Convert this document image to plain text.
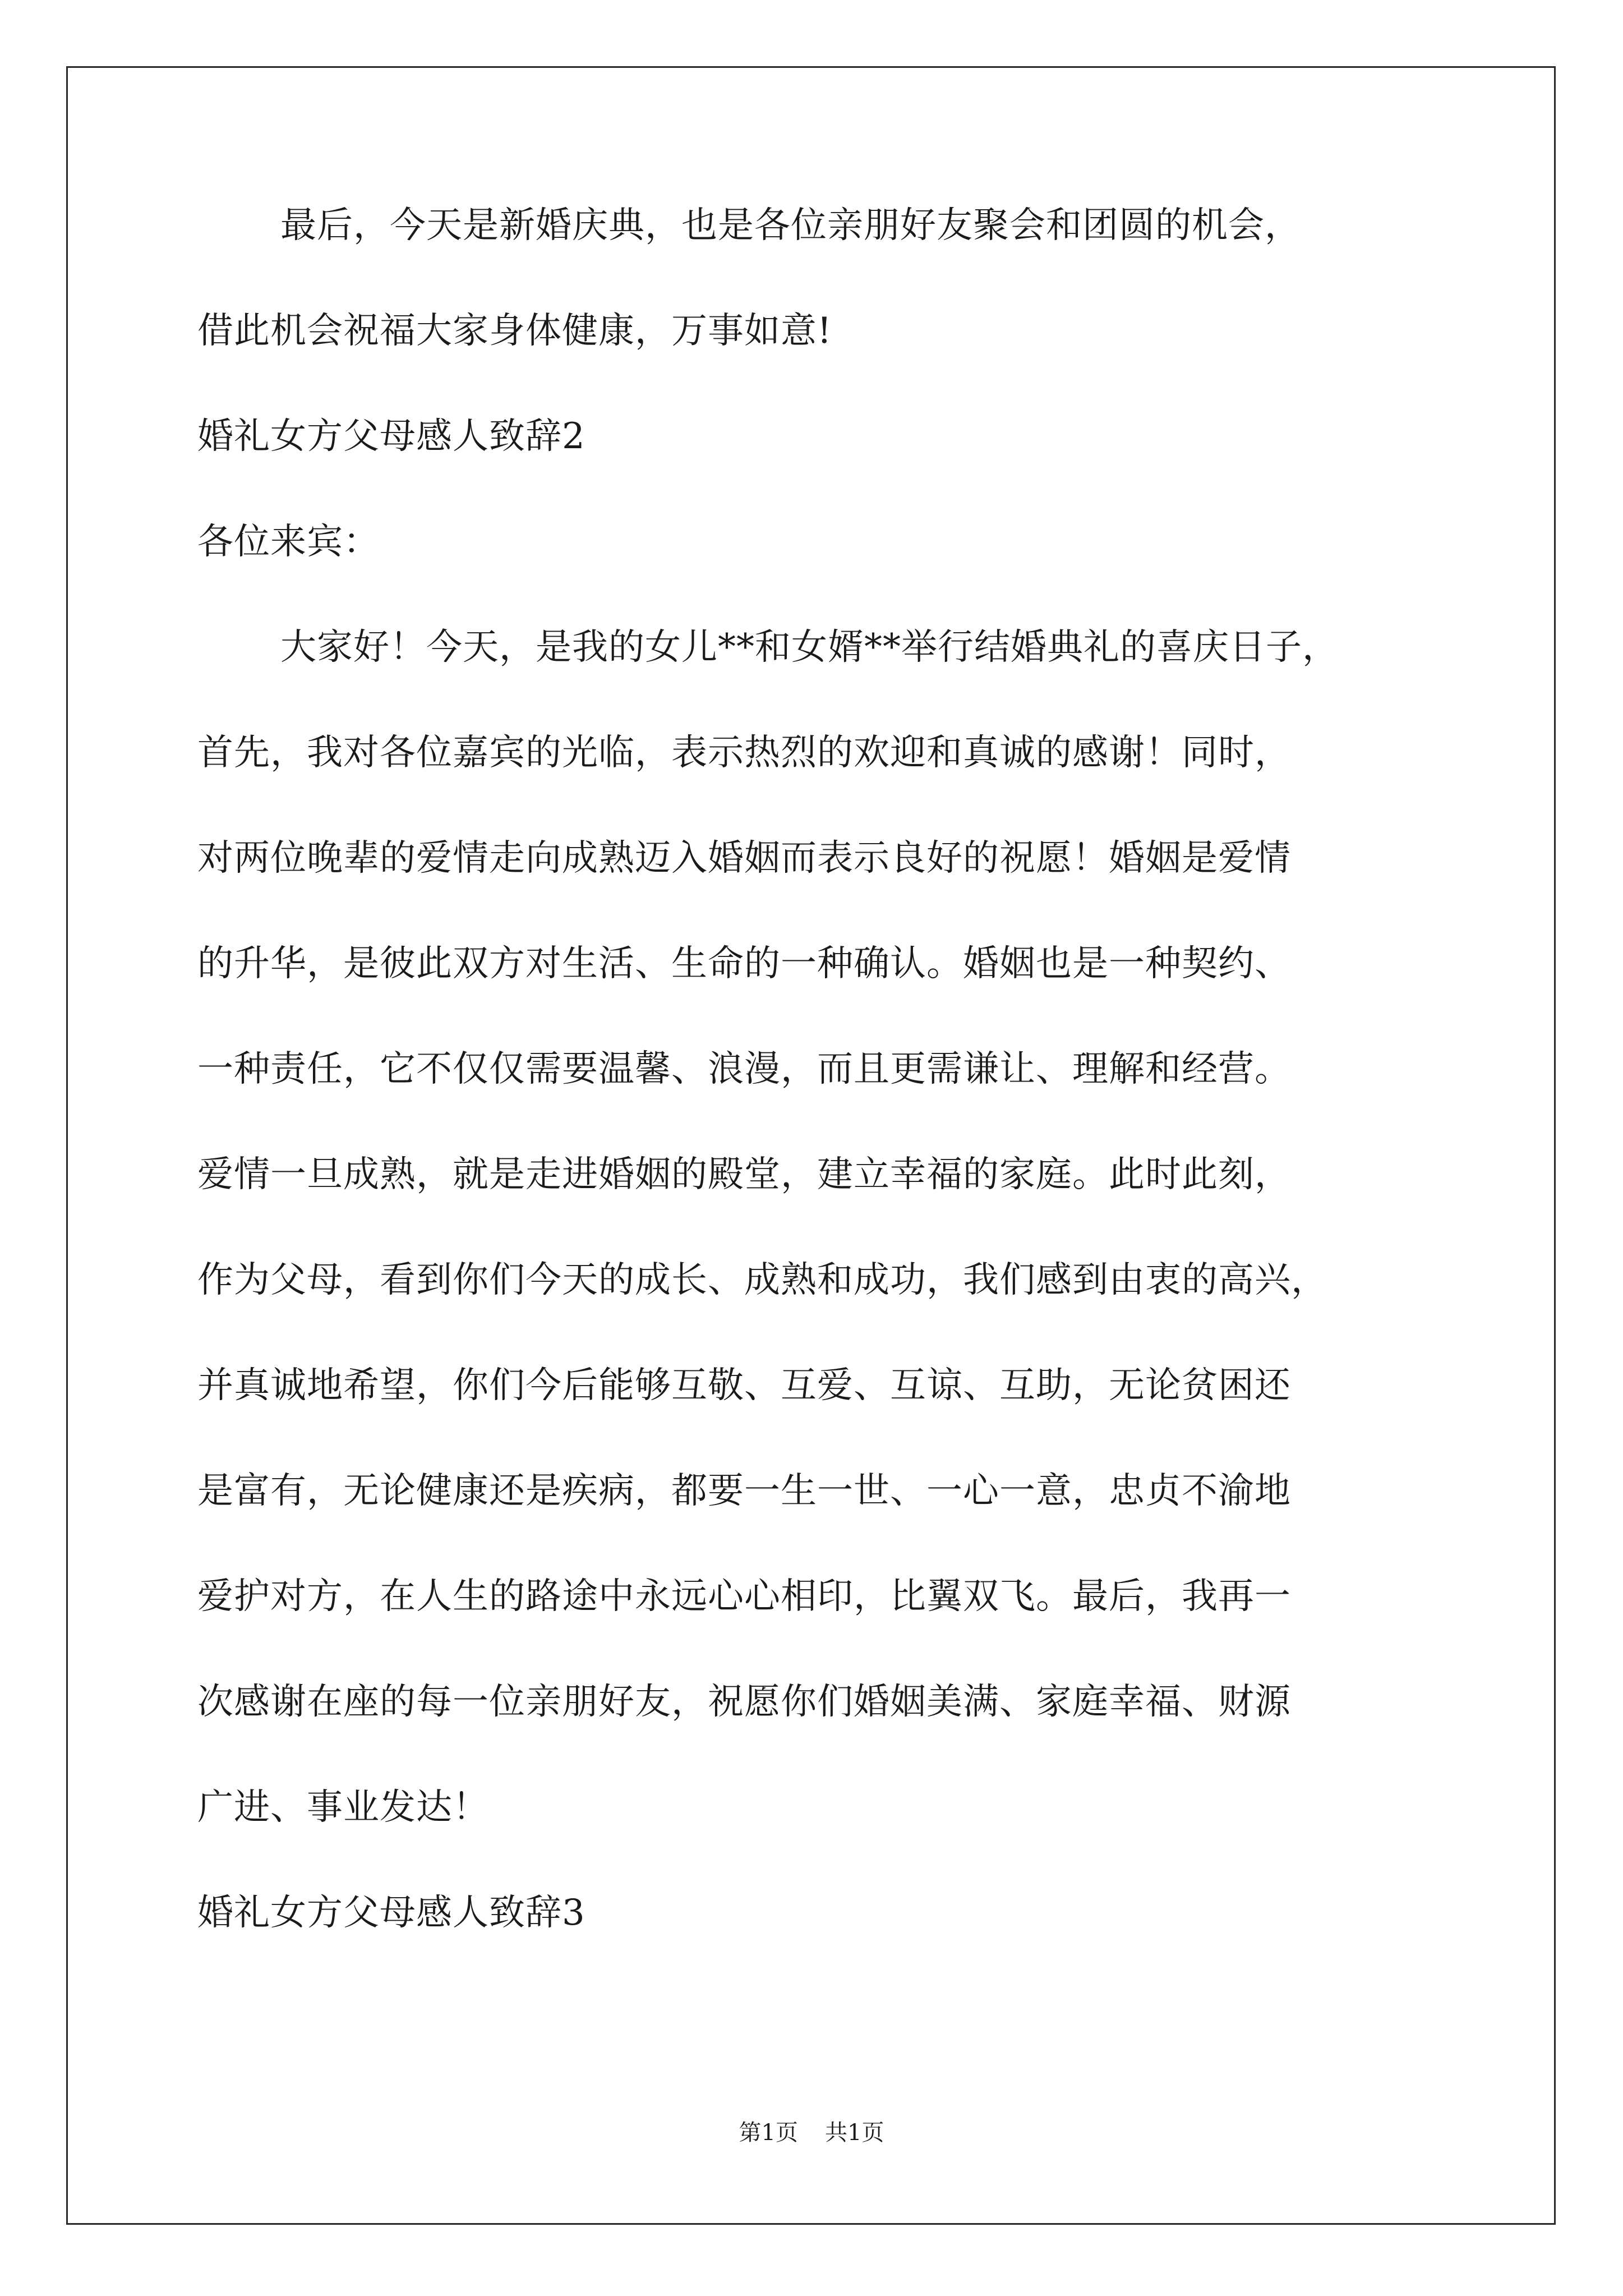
最后，今天是新婚庆典，也是各位亲朋好友聚会和团圆的机会，
借此机会祝福大家身体健康，万事如意!
婚礼女方父母感人致辞2
各位来宾：
大家好！今天，是我的女儿**和女婿**举行结婚典礼的喜庆日子，
首先，我对各位嘉宾的光临，表示热烈的欢迎和真诚的感谢！同时，
对两位晚辈的爱情走向成熟迈入婚姻而表示良好的祝愿！婚姻是爱情
的升华，是彼此双方对生活、生命的一种确认。婚姻也是一种契约、
一种责任，它不仅仅需要温馨、浪漫，而且更需谦让、理解和经营。
爱情一旦成熟，就是走进婚姻的殿堂，建立幸福的家庭。此时此刻，
作为父母，看到你们今天的成长、成熟和成功，我们感到由衷的高兴，
并真诚地希望，你们今后能够互敬、互爱、互谅、互助，无论贫困还
是富有，无论健康还是疾病，都要一生一世、一心一意，忠贞不渝地
爱护对方，在人生的路途中永远心心相印，比翼双飞。最后，我再一
次感谢在座的每一位亲朋好友，祝愿你们婚姻美满、家庭幸福、财源
广进、事业发达！
婚礼女方父母感人致辞3
第1页 共1页
